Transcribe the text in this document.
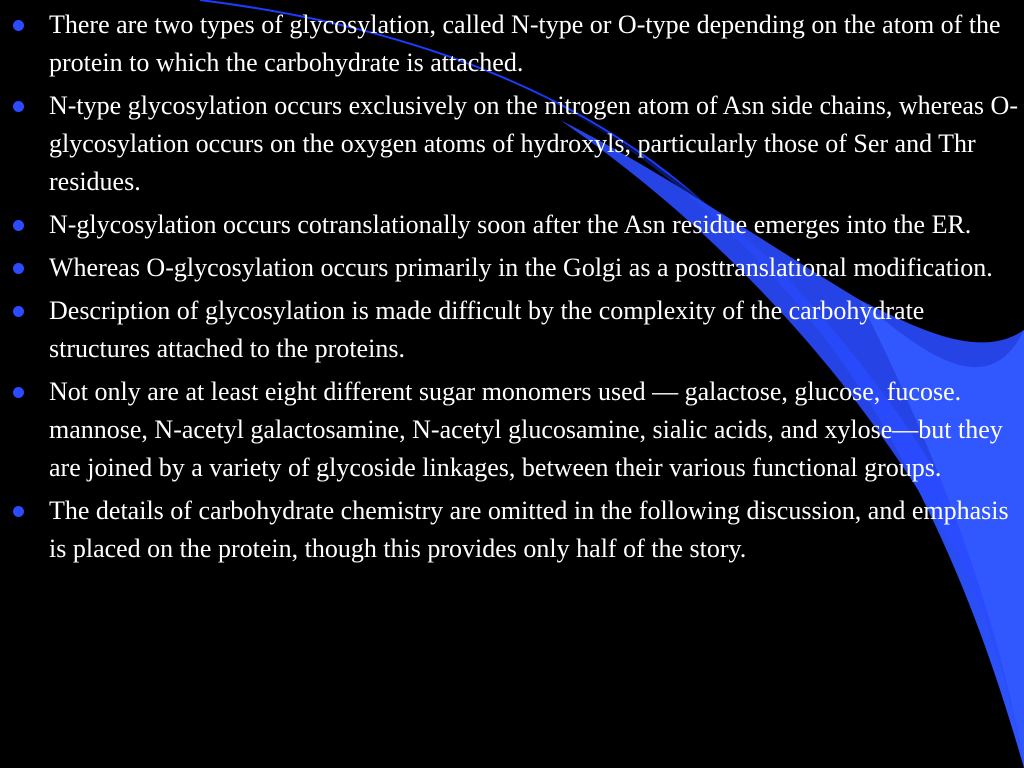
There are two types of glycosylation, called N-type or O-type depending on the atom of the protein to which the carbohydrate is attached.
N-type glycosylation occurs exclusively on the nitrogen atom of Asn side chains, whereas O-glycosylation occurs on the oxygen atoms of hydroxyls, particularly those of Ser and Thr residues.
N-glycosylation occurs cotranslationally soon after the Asn residue emerges into the ER.
Whereas O-glycosylation occurs primarily in the Golgi as a posttranslational modification.
Description of glycosylation is made difficult by the complexity of the carbohydrate structures attached to the proteins.
Not only are at least eight different sugar monomers used — galactose, glucose, fucose. mannose, N-acetyl galactosamine, N-acetyl glucosamine, sialic acids, and xylose—but they are joined by a variety of glycoside linkages, between their various functional groups.
The details of carbohydrate chemistry are omitted in the following discussion, and emphasis is placed on the protein, though this provides only half of the story.
